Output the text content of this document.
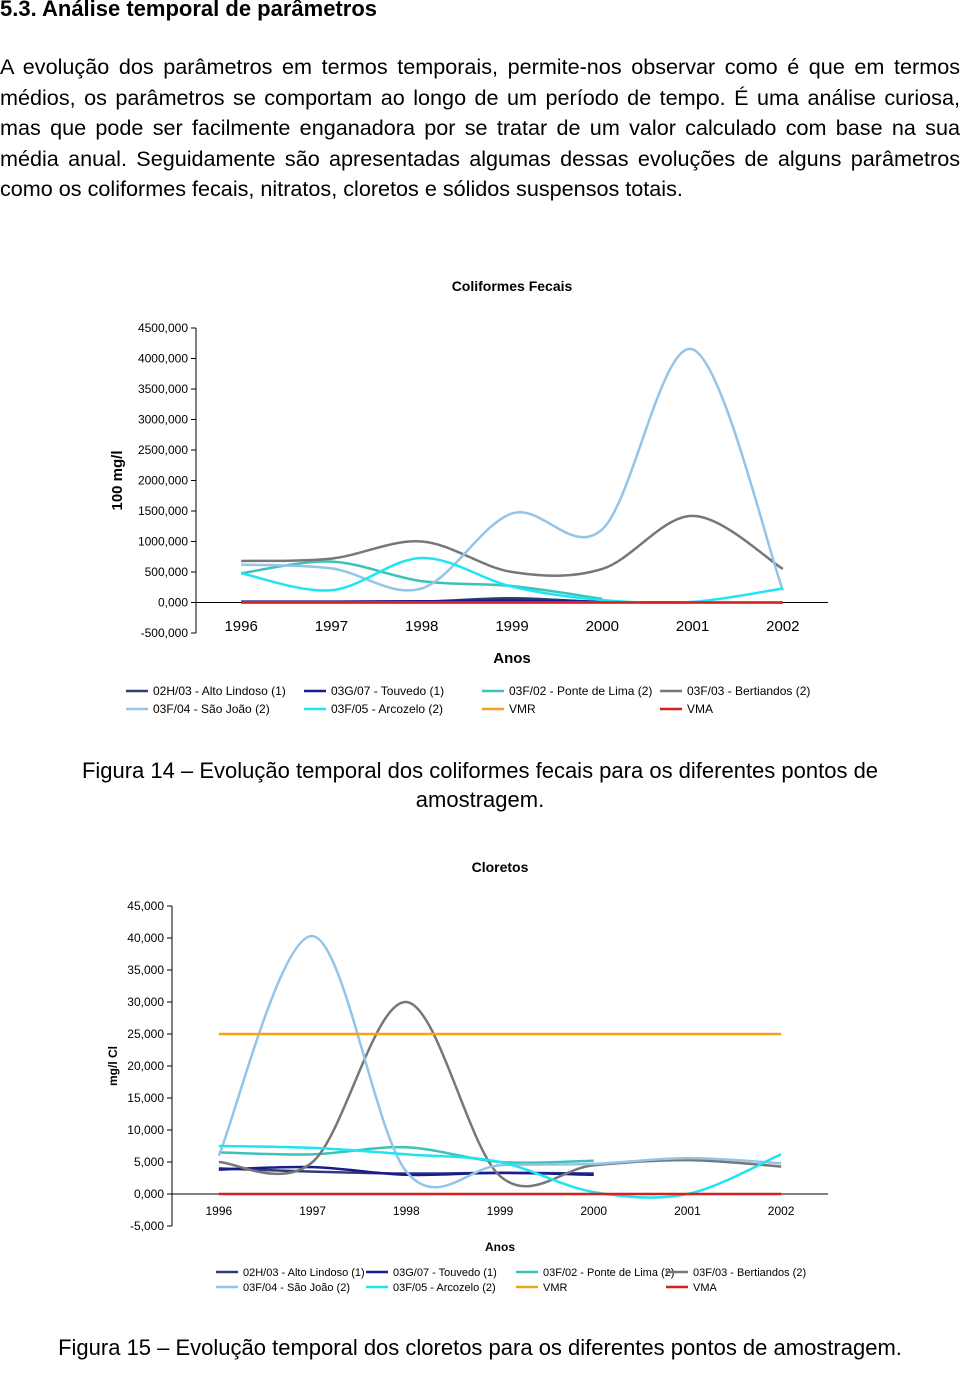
5.3. Análise temporal de parâmetros

A evolução dos parâmetros em termos temporais, permite-nos observar como é que em termos médios, os parâmetros se comportam ao longo de um período de tempo. É uma análise curiosa, mas que pode ser facilmente enganadora por se tratar de um valor calculado com base na sua média anual. Seguidamente são apresentadas algumas dessas evoluções de alguns parâmetros como os coliformes fecais, nitratos, cloretos e sólidos suspensos totais.

Coliformes Fecais
4500,000
4000,000
3500,000
3000,000
2500,000
2000,000
1500,000
1000,000
500,000
0,000
-500,000 1996	1997	1998	1999	2000	2001	2002
Anos
100 mg/l
02H/03 - Alto Lindoso (1)	03G/07 - Touvedo (1)	03F/02 - Ponte de Lima (2)	03F/03 - Bertiandos (2)
03F/04 - São João (2)	03F/05 - Arcozelo (2)	VMR	VMA

Figura 14 – Evolução temporal dos coliformes fecais para os diferentes pontos de amostragem.

Cloretos
45,000
40,000
35,000
30,000
25,000
20,000
15,000
10,000
5,000
0,000
-5,000
1996	1997	1998	1999	2000	2001	2002
Anos
mg/l Cl
02H/03 - Alto Lindoso (1)	03G/07 - Touvedo (1)	03F/02 - Ponte de Lima (2) 03F/03 - Bertiandos (2)
03F/04 - São João (2)	03F/05 - Arcozelo (2)	VMR	VMA

Figura 15 – Evolução temporal dos cloretos para os diferentes pontos de amostragem.
